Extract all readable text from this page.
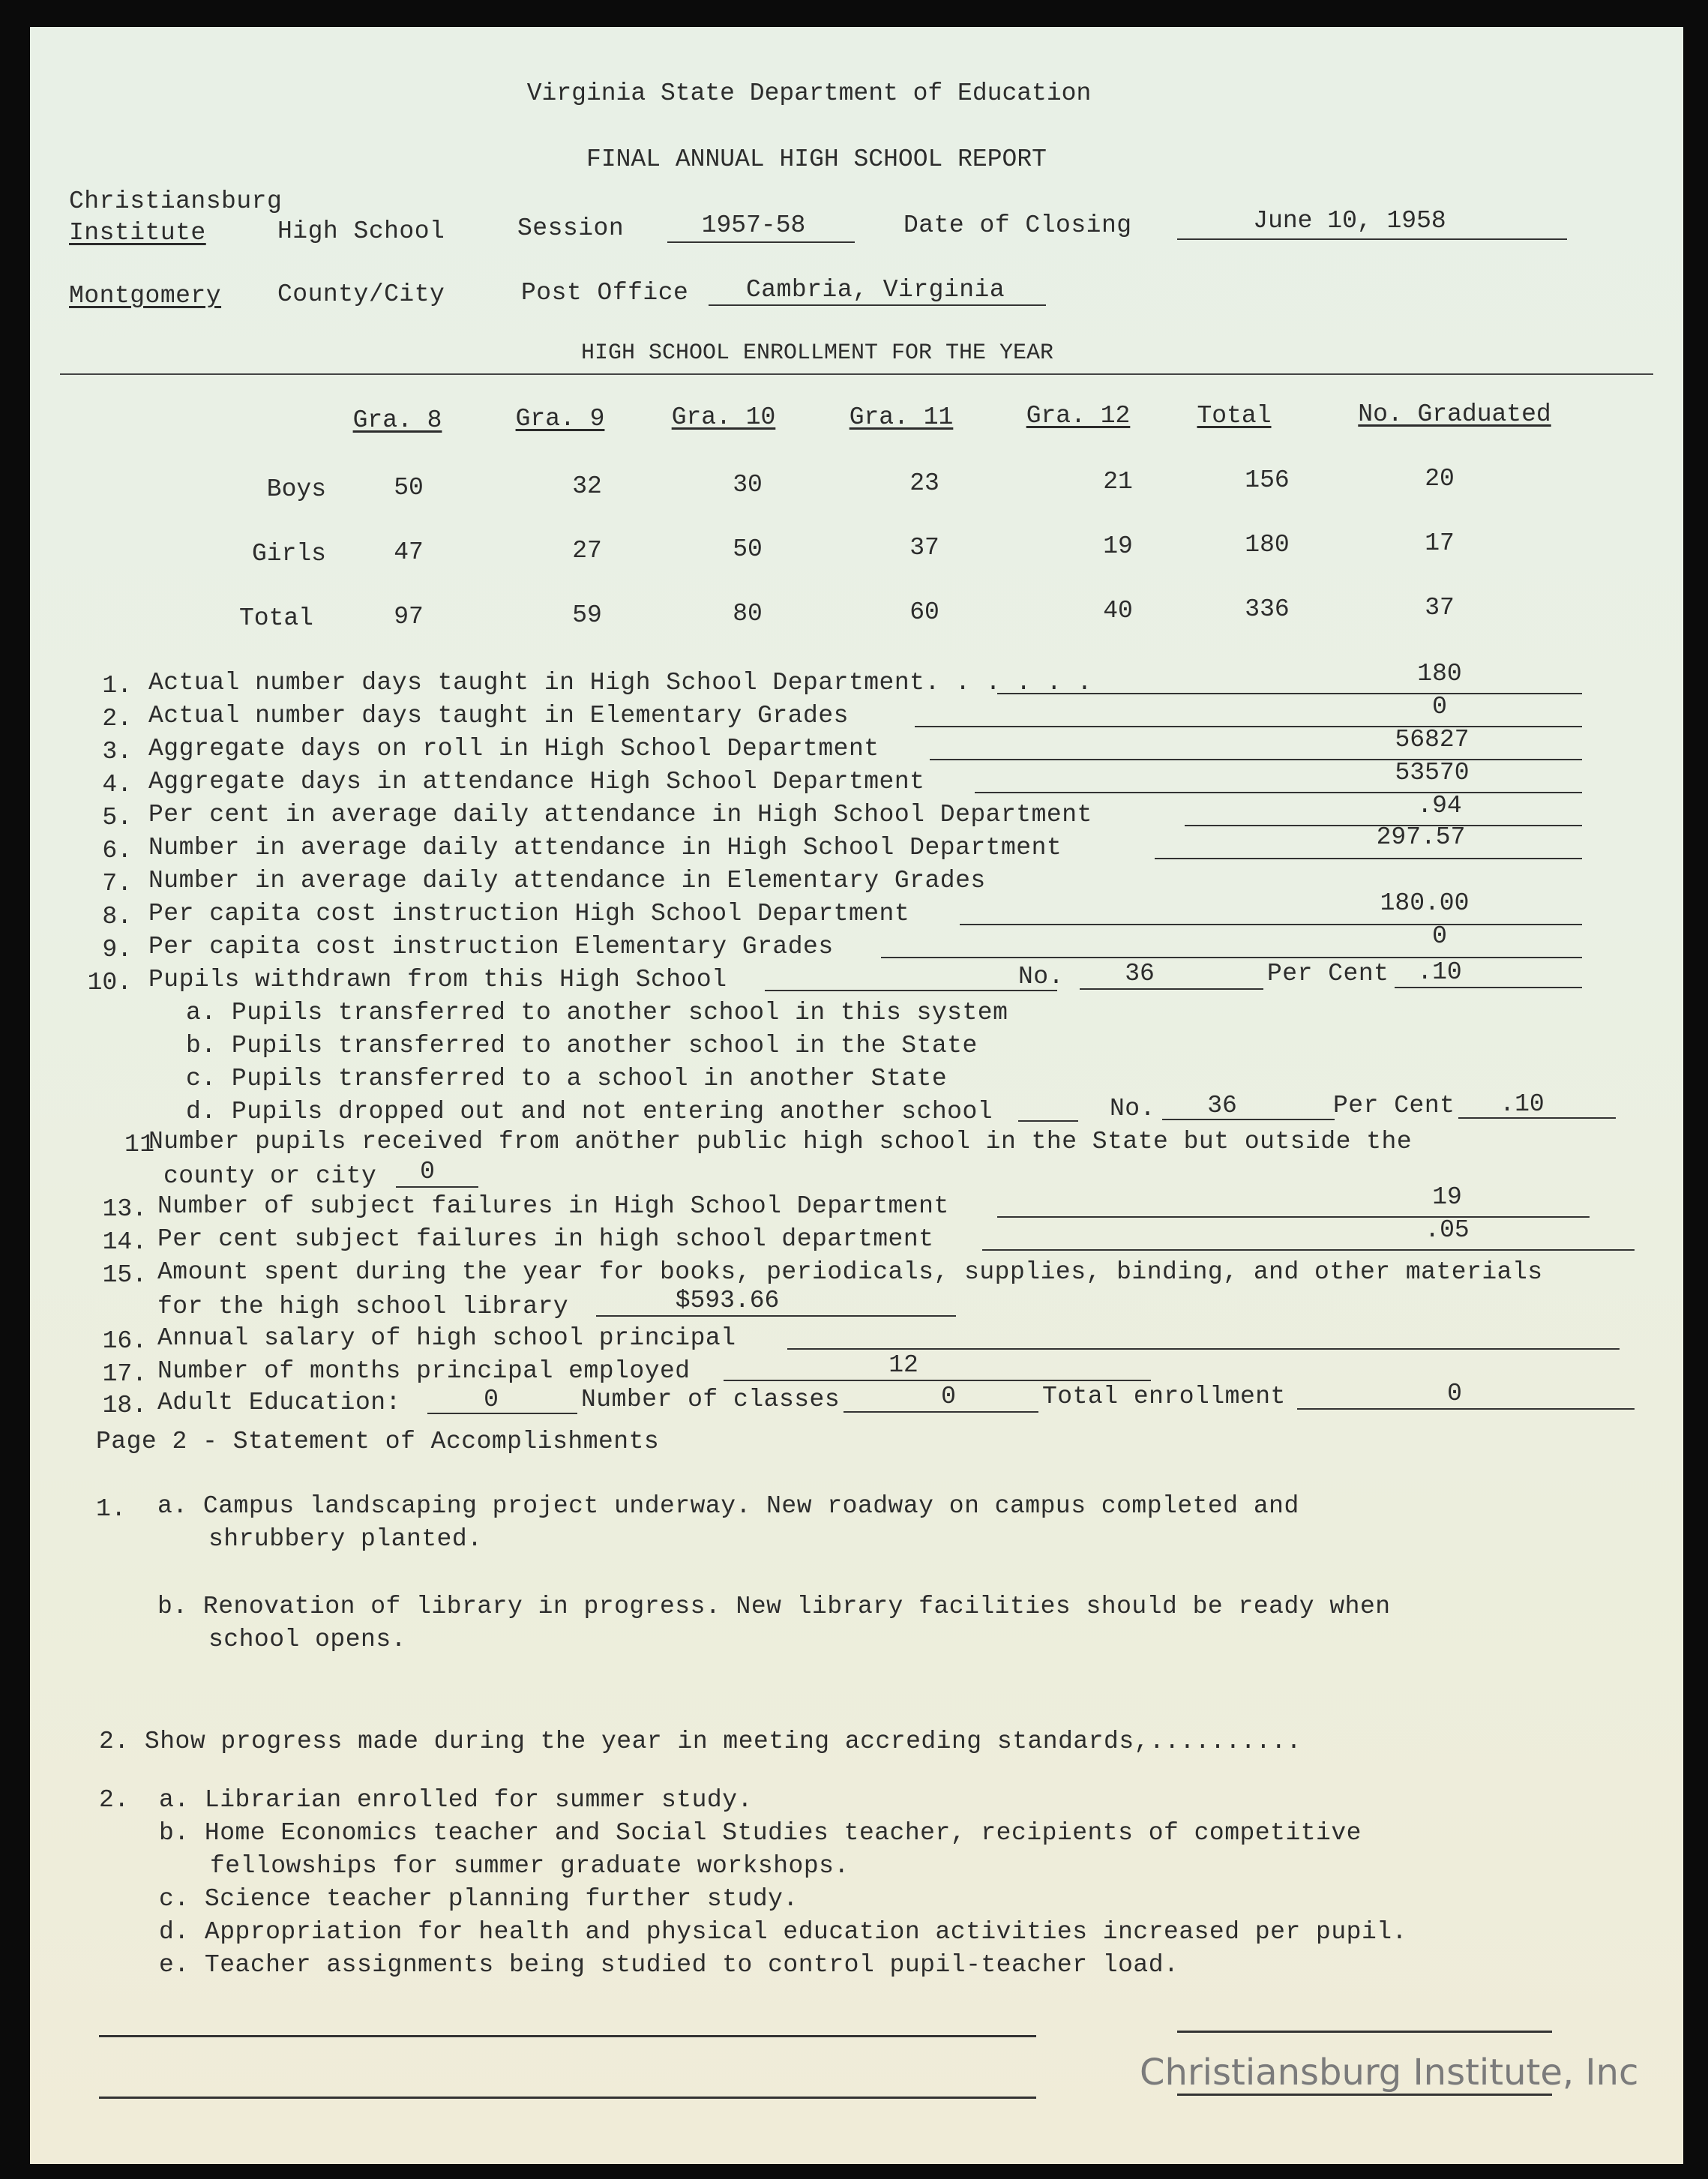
Virginia State Department of Education
FINAL ANNUAL HIGH SCHOOL REPORT
Christiansburg
Institute	High School	Session	1957-58	Date of Closing	June 10, 1958
Montgomery County/City	Post Office Cambria, Virginia
HIGH SCHOOL ENROLLMENT FOR THE YEAR
Gra. 8	Gra. 9	Gra. 10	Gra. 11	Gra. 12	Total	No. Graduated
Boys	50	32	30	23	21	156	20
Girls	47	27	50	37	19	180	17
Total	97	59	80	60	40	336	37
1. Actual number days taught in High School Department. . . . . .	180
2. Actual number days taught in Elementary Grades	0
3. Aggregate days on roll in High School Department	56827
4. Aggregate days in attendance High School Department	53570
5. Per cent in average daily attendance in High School Department	.94
6. Number in average daily attendance in High School Department	297.57
7. Number in average daily attendance in Elementary Grades
8. Per capita cost instruction High School Department	180.00
9. Per capita cost instruction Elementary Grades	0
10. Pupils withdrawn from this High School	No. 36	Per Cent .10
a. Pupils transferred to another school in this system
b. Pupils transferred to another school in the State
c. Pupils transferred to a school in another State
d. Pupils dropped out and not entering another school	No. 36	Per Cent .10
11
Number pupils received from anöther public high school in the State but outside the
county or city 0
13. Number of subject failures in High School Department	19
14. Per cent subject failures in high school department	.05
15. Amount spent during the year for books, periodicals, supplies, binding, and other materials
for the high school library	$593.66
16. Annual salary of high school principal
17. Number of months principal employed	12
18. Adult Education:	0	Number of classes	0	Total enrollment	0
Page 2 - Statement of Accomplishments
1. a. Campus landscaping project underway. New roadway on campus completed and
shrubbery planted.
b. Renovation of library in progress. New library facilities should be ready when
school opens.
2. Show progress made during the year in meeting accreding standards,..........
2. a. Librarian enrolled for summer study.
b. Home Economics teacher and Social Studies teacher, recipients of competitive
fellowships for summer graduate workshops.
c. Science teacher planning further study.
d. Appropriation for health and physical education activities increased per pupil.
e. Teacher assignments being studied to control pupil-teacher load.
Christiansburg Institute, Inc
